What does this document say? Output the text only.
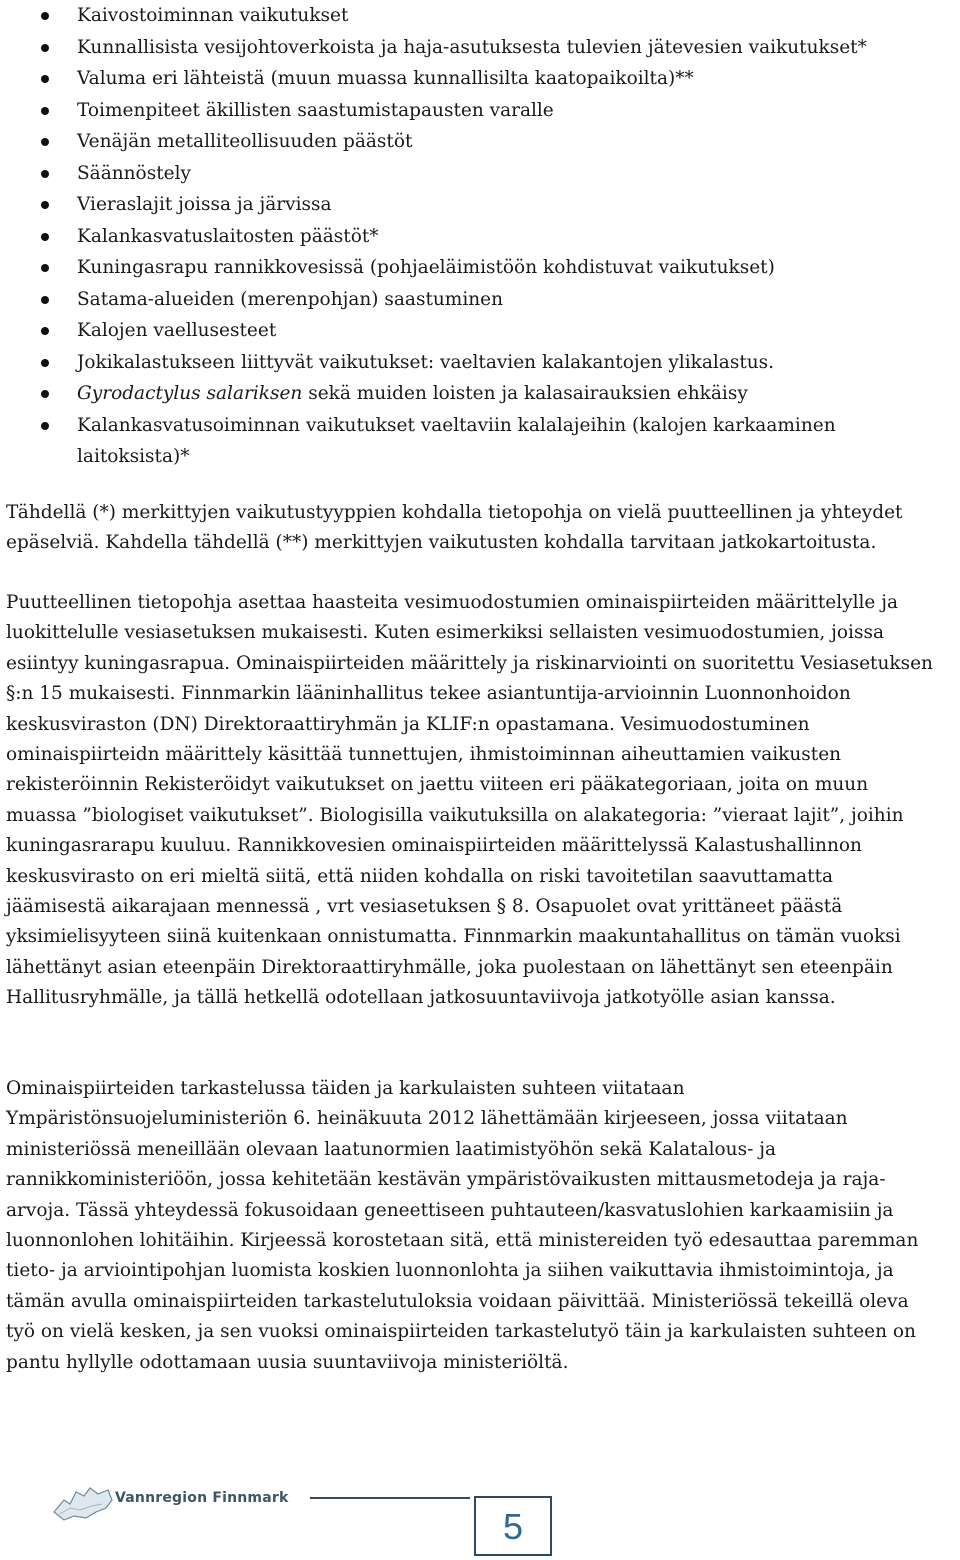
Kaivostoiminnan vaikutukset
Kunnallisista vesijohtoverkoista ja haja-asutuksesta tulevien jätevesien vaikutukset*
Valuma eri lähteistä (muun muassa kunnallisilta kaatopaikoilta)**
Toimenpiteet äkillisten saastumistapausten varalle
Venäjän metalliteollisuuden päästöt
Säännöstely
Vieraslajit joissa ja järvissa
Kalankasvatuslaitosten päästöt*
Kuningasrapu rannikkovesissä (pohjaeläimistöön kohdistuvat vaikutukset)
Satama-alueiden (merenpohjan) saastuminen
Kalojen vaellusesteet
Jokikalastukseen liittyvät vaikutukset: vaeltavien kalakantojen ylikalastus.
Gyrodactylus salariksen sekä muiden loisten ja kalasairauksien ehkäisy
Kalankasvatusoiminnan vaikutukset vaeltaviin kalalajeihin (kalojen karkaaminen laitoksista)*

Tähdellä (*) merkittyjen vaikutustyyppien kohdalla tietopohja on vielä puutteellinen ja yhteydet epäselviä. Kahdella tähdellä (**) merkittyjen vaikutusten kohdalla tarvitaan jatkokartoitusta.

Puutteellinen tietopohja asettaa haasteita vesimuodostumien ominaispiirteiden määrittelylle ja luokittelulle vesiasetuksen mukaisesti. Kuten esimerkiksi sellaisten vesimuodostumien, joissa esiintyy kuningasrapua. Ominaispiirteiden määrittely ja riskinarviointi on suoritettu Vesiasetuksen §:n 15 mukaisesti. Finnmarkin lääninhallitus tekee asiantuntija-arvioinnin Luonnonhoidon keskusviraston (DN) Direktoraattiryhmän ja KLIF:n opastamana. Vesimuodostuminen ominaispiirteidn määrittely käsittää tunnettujen, ihmistoiminnan aiheuttamien vaikusten rekisteröinnin Rekisteröidyt vaikutukset on jaettu viiteen eri pääkategoriaan, joita on muun muassa ”biologiset vaikutukset”. Biologisilla vaikutuksilla on alakategoria: ”vieraat lajit”, joihin kuningasrarapu kuuluu. Rannikkovesien ominaispiirteiden määrittelyssä Kalastushallinnon keskusvirasto on eri mieltä siitä, että niiden kohdalla on riski tavoitetilan saavuttamatta jäämisestä aikarajaan mennessä , vrt vesiasetuksen § 8. Osapuolet ovat yrittäneet päästä yksimielisyyteen siinä kuitenkaan onnistumatta. Finnmarkin maakuntahallitus on tämän vuoksi lähettänyt asian eteenpäin Direktoraattiryhmälle, joka puolestaan on lähettänyt sen eteenpäin Hallitusryhmälle, ja tällä hetkellä odotellaan jatkosuuntaviivoja jatkotyölle asian kanssa.

Ominaispiirteiden tarkastelussa täiden ja karkulaisten suhteen viitataan Ympäristönsuojeluministeriön 6. heinäkuuta 2012 lähettämään kirjeeseen, jossa viitataan ministeriössä meneillään olevaan laatunormien laatimistyöhön sekä Kalatalous- ja rannikkoministeriöön, jossa kehitetään kestävän ympäristövaikusten mittausmetodeja ja raja-arvoja. Tässä yhteydessä fokusoidaan geneettiseen puhtauteen/kasvatuslohien karkaamisiin ja luonnonlohen lohitäihin. Kirjeessä korostetaan sitä, että ministereiden työ edesauttaa paremman tieto- ja arviointipohjan luomista koskien luonnonlohta ja siihen vaikuttavia ihmistoimintoja, ja tämän avulla ominaispiirteiden tarkastelutuloksia voidaan päivittää. Ministeriössä tekeillä oleva työ on vielä kesken, ja sen vuoksi ominaispiirteiden tarkastelutyö täin ja karkulaisten suhteen on pantu hyllylle odottamaan uusia suuntaviivoja ministeriöltä.

Vannregion Finnmark
5
